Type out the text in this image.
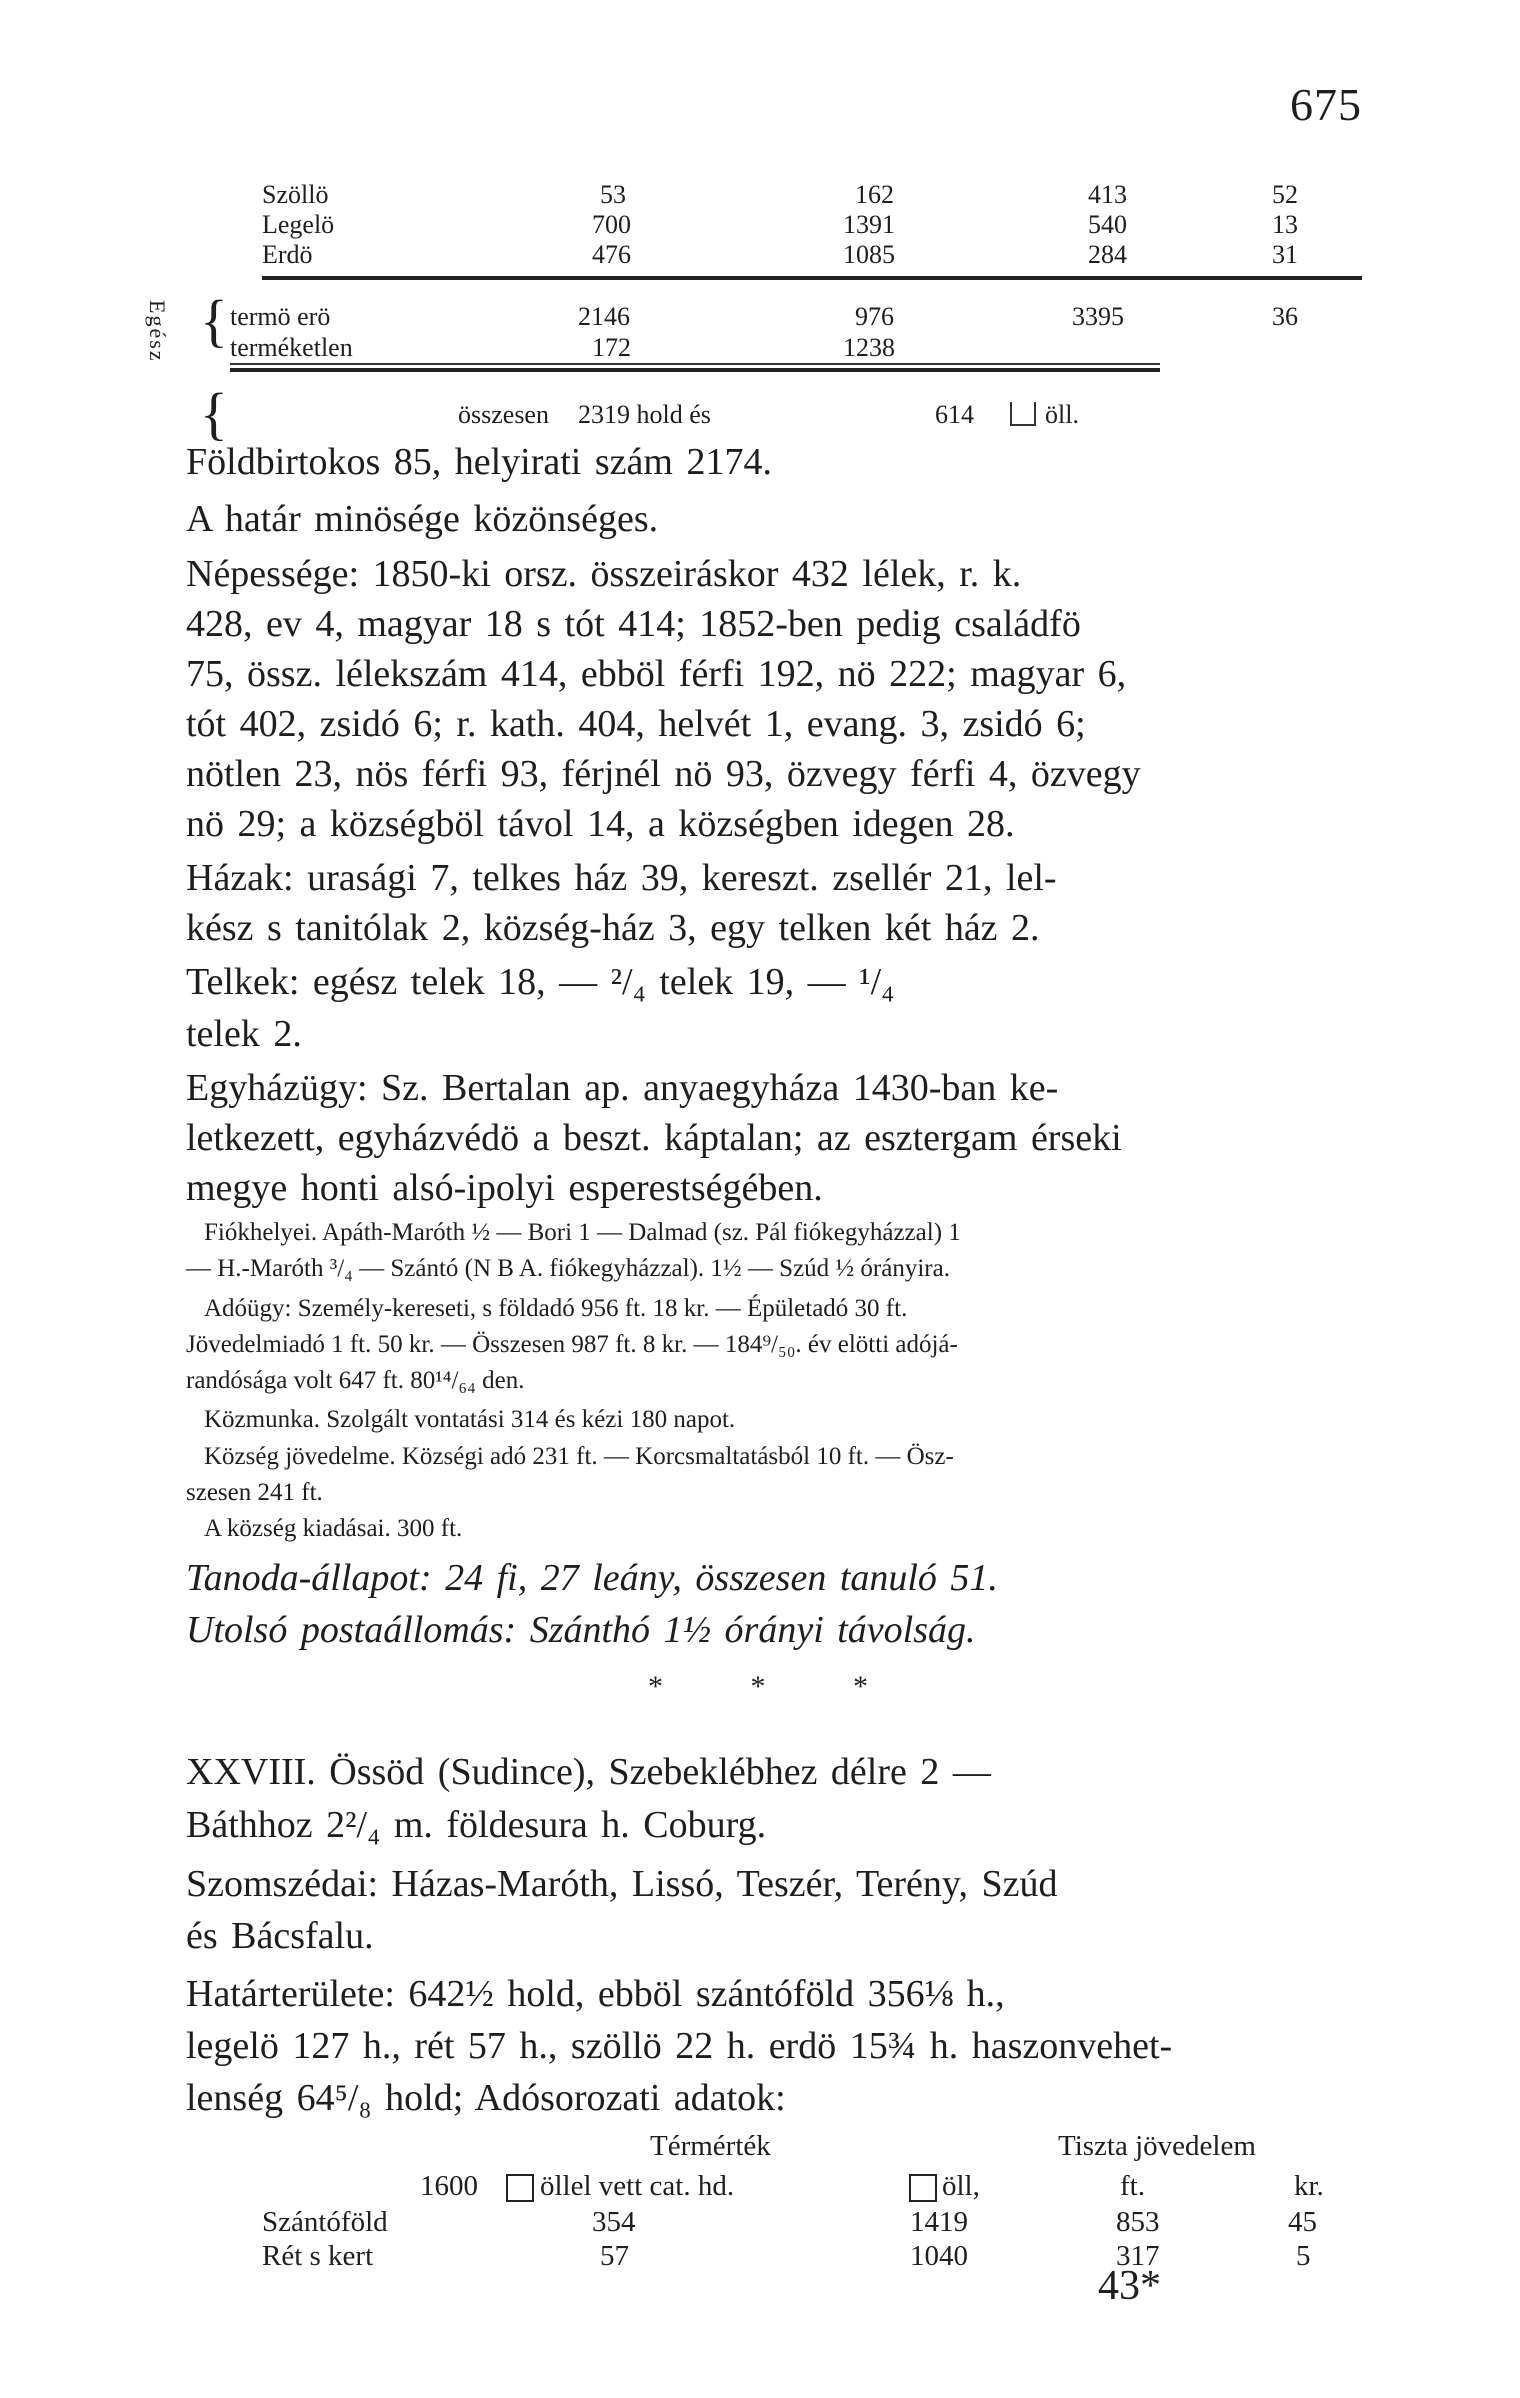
675
Szöllö	53	162	413	52
Legelö	700	1391	540	13
Erdö	476	1085	284	31
Egész { termö erö	2146	976	3395	36
terméketlen	172	1238
{	összesen 2319 hold és	614	öll.
Földbirtokos 85, helyirati szám 2174.
A határ minösége közönséges.
Népessége: 1850-ki orsz. összeiráskor 432 lélek, r. k.
428, ev 4, magyar 18 s tót 414; 1852-ben pedig családfö
75, össz. lélekszám 414, ebböl férfi 192, nö 222; magyar 6,
tót 402, zsidó 6; r. kath. 404, helvét 1, evang. 3, zsidó 6;
nötlen 23, nös férfi 93, férjnél nö 93, özvegy férfi 4, özvegy
nö 29; a községböl távol 14, a községben idegen 28.
Házak: urasági 7, telkes ház 39, kereszt. zsellér 21, lel-
kész s tanitólak 2, község-ház 3, egy telken két ház 2.
Telkek: egész telek 18, — ²/₄ telek 19, — ¹/₄
telek 2.
Egyházügy: Sz. Bertalan ap. anyaegyháza 1430-ban ke-
letkezett, egyházvédö a beszt. káptalan; az esztergam érseki
megye honti alsó-ipolyi esperestségében.
Fiókhelyei. Apáth-Maróth ½ — Bori 1 — Dalmad (sz. Pál fiókegyházzal) 1
— H.-Maróth ³/₄ — Szántó (N B A. fiókegyházzal). 1½ — Szúd ½ órányira.
Adóügy: Személy-kereseti, s földadó 956 ft. 18 kr. — Épületadó 30 ft.
Jövedelmiadó 1 ft. 50 kr. — Összesen 987 ft. 8 kr. — 184⁹/₅₀. év elötti adójá-
randósága volt 647 ft. 80¹⁴/₆₄ den.
Közmunka. Szolgált vontatási 314 és kézi 180 napot.
Község jövedelme. Községi adó 231 ft. — Korcsmaltatásból 10 ft. — Ösz-
szesen 241 ft.
A község kiadásai. 300 ft.
Tanoda-állapot: 24 fi, 27 leány, összesen tanuló 51.
Utolsó postaállomás: Szánthó 1½ órányi távolság.
* * *
XXVIII. Össöd (Sudince), Szebeklébhez délre 2 —
Báthhoz 2²/₄ m. földesura h. Coburg.
Szomszédai: Házas-Maróth, Lissó, Teszér, Terény, Szúd
és Bácsfalu.
Határterülete: 642½ hold, ebböl szántóföld 356⅛ h.,
legelö 127 h., rét 57 h., szöllö 22 h. erdö 15¾ h. haszonvehet-
lenség 64⁵/₈ hold; Adósorozati adatok:
Térmérték	Tiszta jövedelem
1600 öllel vett cat. hd.	öll,	ft.	kr.
Szántóföld	354	1419	853	45
Rét s kert	57	1040	317	5
43*
